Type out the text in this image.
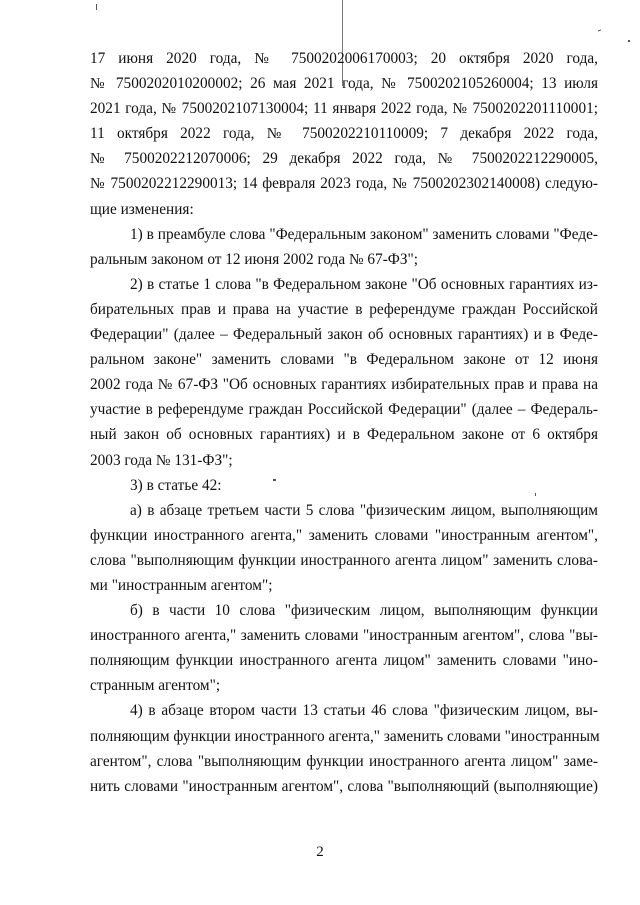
17 июня 2020 года, № 7500202006170003; 20 октября 2020 года,
№ 7500202010200002; 26 мая 2021 года, № 7500202105260004; 13 июля
2021 года, № 7500202107130004; 11 января 2022 года, № 7500202201110001;
11 октября 2022 года, № 7500202210110009; 7 декабря 2022 года,
№ 7500202212070006; 29 декабря 2022 года, № 7500202212290005,
№ 7500202212290013; 14 февраля 2023 года, № 7500202302140008) следую-
щие изменения:
1) в преамбуле слова "Федеральным законом" заменить словами "Феде-
ральным законом от 12 июня 2002 года № 67-ФЗ";
2) в статье 1 слова "в Федеральном законе "Об основных гарантиях из-
бирательных прав и права на участие в референдуме граждан Российской
Федерации" (далее – Федеральный закон об основных гарантиях) и в Феде-
ральном законе" заменить словами "в Федеральном законе от 12 июня
2002 года № 67-ФЗ "Об основных гарантиях избирательных прав и права на
участие в референдуме граждан Российской Федерации" (далее – Федераль-
ный закон об основных гарантиях) и в Федеральном законе от 6 октября
2003 года № 131-ФЗ";
3) в статье 42:
а) в абзаце третьем части 5 слова "физическим лицом, выполняющим
функции иностранного агента," заменить словами "иностранным агентом",
слова "выполняющим функции иностранного агента лицом" заменить слова-
ми "иностранным агентом";
б) в части 10 слова "физическим лицом, выполняющим функции
иностранного агента," заменить словами "иностранным агентом", слова "вы-
полняющим функции иностранного агента лицом" заменить словами "ино-
странным агентом";
4) в абзаце втором части 13 статьи 46 слова "физическим лицом, вы-
полняющим функции иностранного агента," заменить словами "иностранным
агентом", слова "выполняющим функции иностранного агента лицом" заме-
нить словами "иностранным агентом", слова "выполняющий (выполняющие)
2
